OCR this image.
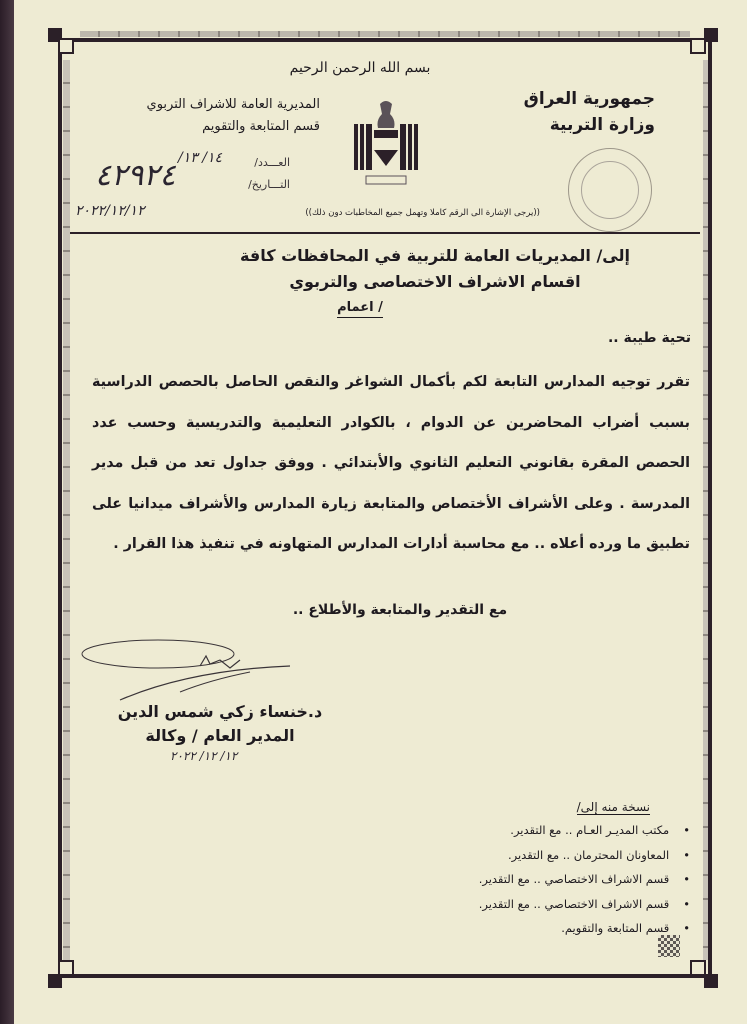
بسم الله الرحمن الرحيم
جمهورية العراق
وزارة التربية
المديرية العامة للاشراف التربوي
قسم المتابعة والتقويم
العـــدد/
التـــاريخ/
١٤/ ١٣/
٤٢٩٢٤
٢٠٢٢/١٢/١٢	((يرجى الإشارة الى الرقم كاملا وتهمل جميع المخاطبات دون ذلك))
إلى/ المديريات العامة للتربية في المحافظات كافة
اقسام الاشراف الاختصاصى والتربوي
/ اعمام
تحية طيبة ..
تقرر توجيه المدارس التابعة لكم بأكمال الشواغر والنقص الحاصل بالحصص الدراسية بسبب أضراب المحاضرين عن الدوام ، بالكوادر التعليمية والتدريسية وحسب عدد الحصص المقرة بقانوني التعليم الثانوي والأبتدائي . ووفق جداول تعد من قبل مدير المدرسة . وعلى الأشراف الأختصاص والمتابعة زيارة المدارس والأشراف ميدانيا على تطبيق ما ورده أعلاه .. مع محاسبة أدارات المدارس المتهاونه في تنفيذ هذا القرار .
مع التقدير والمتابعة والأطلاع ..
د.خنساء زكي شمس الدين
المدير العام / وكالة
١٢/ ١٢/ ٢٠٢٢
نسخة منه إلى/
• مكتب المديـر العـام .. مع التقدير.
• المعاونان المحترمان .. مع التقدير.
• قسم الاشراف الاختصاصي .. مع التقدير.
• قسم الاشراف الاختصاصي .. مع التقدير.
• قسم المتابعة والتقويم.
